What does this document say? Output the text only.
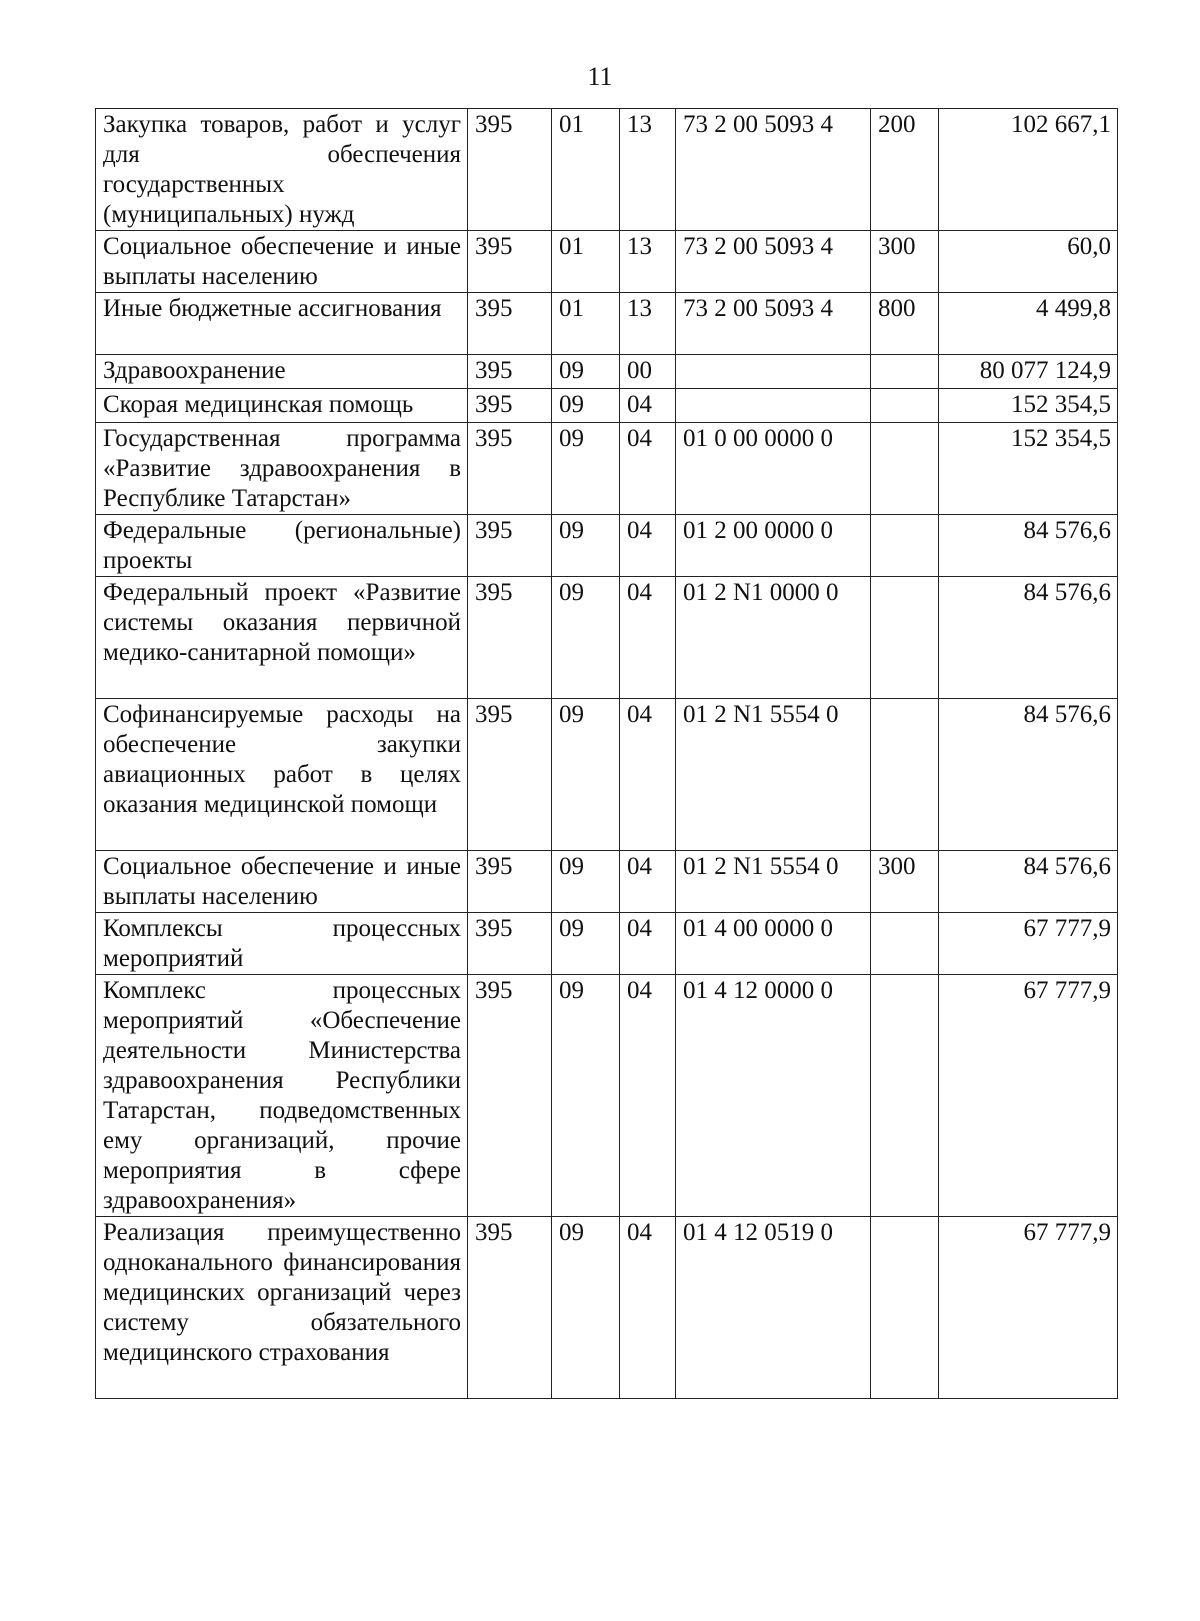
11
Закупка товаров, работ и услуг для обеспечения государственных (муниципальных) нужд	395	01	13	73 2 00 5093 4	200	102 667,1
Социальное обеспечение и иные выплаты населению	395	01	13	73 2 00 5093 4	300	60,0
Иные бюджетные ассигнования	395	01	13	73 2 00 5093 4	800	4 499,8
Здравоохранение	395	09	00			80 077 124,9
Скорая медицинская помощь	395	09	04			152 354,5
Государственная программа «Развитие здравоохранения в Республике Татарстан»	395	09	04	01 0 00 0000 0		152 354,5
Федеральные (региональные) проекты	395	09	04	01 2 00 0000 0		84 576,6
Федеральный проект «Развитие системы оказания первичной медико-санитарной помощи»	395	09	04	01 2 N1 0000 0		84 576,6
Софинансируемые расходы на обеспечение закупки авиационных работ в целях оказания медицинской помощи	395	09	04	01 2 N1 5554 0		84 576,6
Социальное обеспечение и иные выплаты населению	395	09	04	01 2 N1 5554 0	300	84 576,6
Комплексы процессных мероприятий	395	09	04	01 4 00 0000 0		67 777,9
Комплекс процессных мероприятий «Обеспечение деятельности Министерства здравоохранения Республики Татарстан, подведомственных ему организаций, прочие мероприятия в сфере здравоохранения»	395	09	04	01 4 12 0000 0		67 777,9
Реализация преимущественно одноканального финансирования медицинских организаций через систему обязательного медицинского страхования	395	09	04	01 4 12 0519 0		67 777,9
